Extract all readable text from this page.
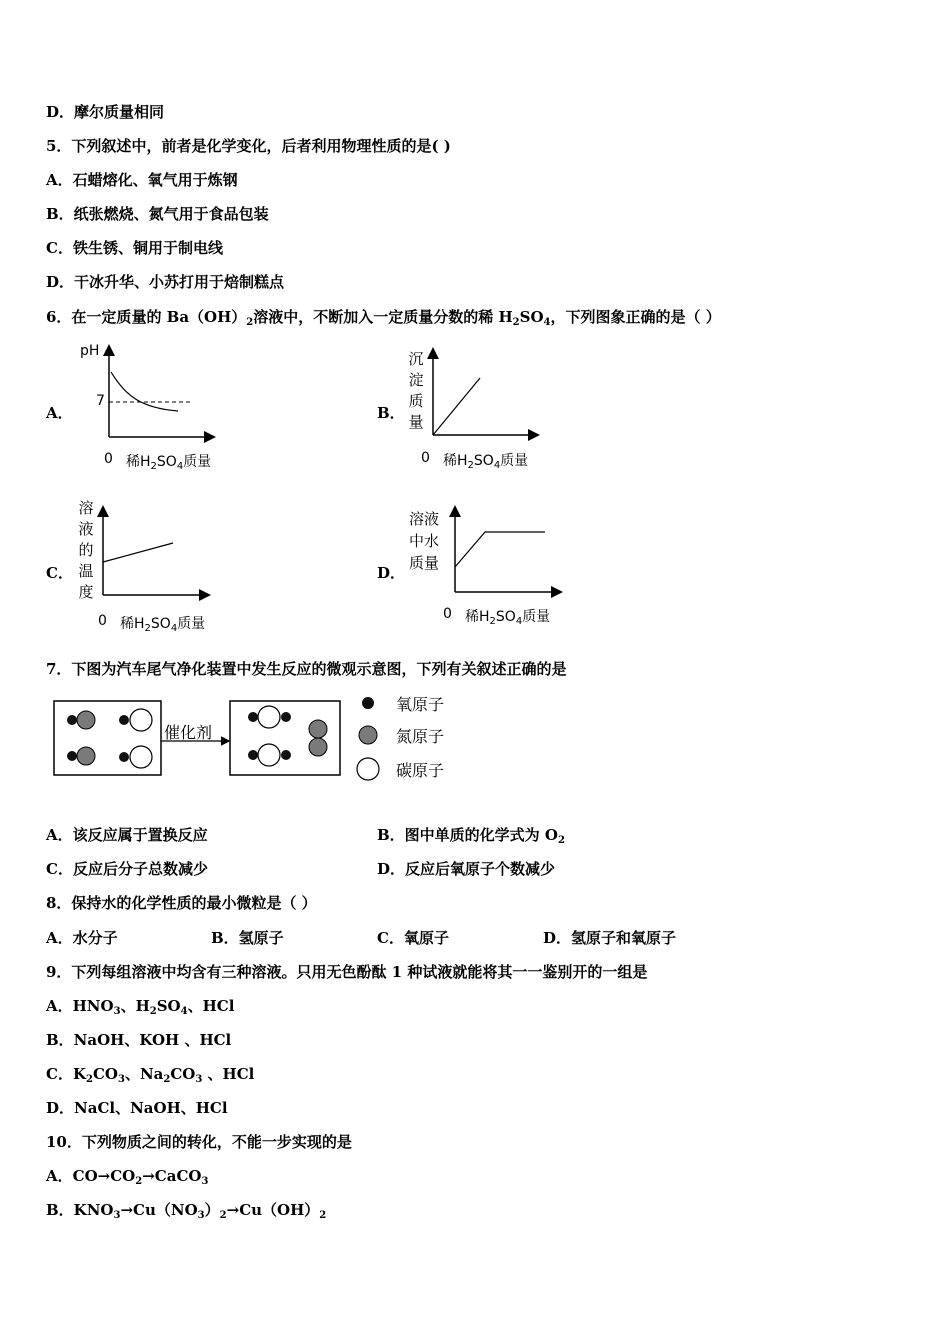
D．摩尔质量相同
5．下列叙述中，前者是化学变化，后者利用物理性质的是( )
A．石蜡熔化、氧气用于炼钢
B．纸张燃烧、氮气用于食品包装
C．铁生锈、铜用于制电线
D．干冰升华、小苏打用于焙制糕点
6．在一定质量的 $Ba(OH)_2$溶液中，不断加入一定质量分数的稀 $H_2SO_4$，下列图象正确的是（ ）
A．	B．
C．	D．
pH
7
0 稀$H_2SO_4$质量
沉淀质量
0 稀$H_2SO_4$质量
溶液的温度
0 稀$H_2SO_4$质量
溶液中水质量
0 稀$H_2SO_4$质量
7．下图为汽车尾气净化装置中发生反应的微观示意图，下列有关叙述正确的是
催化剂
氧原子
氮原子
碳原子
A．该反应属于置换反应	B．图中单质的化学式为 $O_2$
C．反应后分子总数减少	D．反应后氧原子个数减少
8．保持水的化学性质的最小微粒是（ ）
A．水分子	B．氢原子	C．氧原子	D．氢原子和氧原子
9．下列每组溶液中均含有三种溶液。只用无色酚酞 1 种试液就能将其一一鉴别开的一组是
A．$HNO_3$、$H_2SO_4$、HCl
B．NaOH、KOH 、HCl
C．$K_2CO_3$、$Na_2CO_3$ 、HCl
D．NaCl、NaOH、HCl
10．下列物质之间的转化，不能一步实现的是
A．$CO\to CO_2\to CaCO_3$
B．$KNO_3\to Cu(NO_3)_2\to Cu(OH)_2$
